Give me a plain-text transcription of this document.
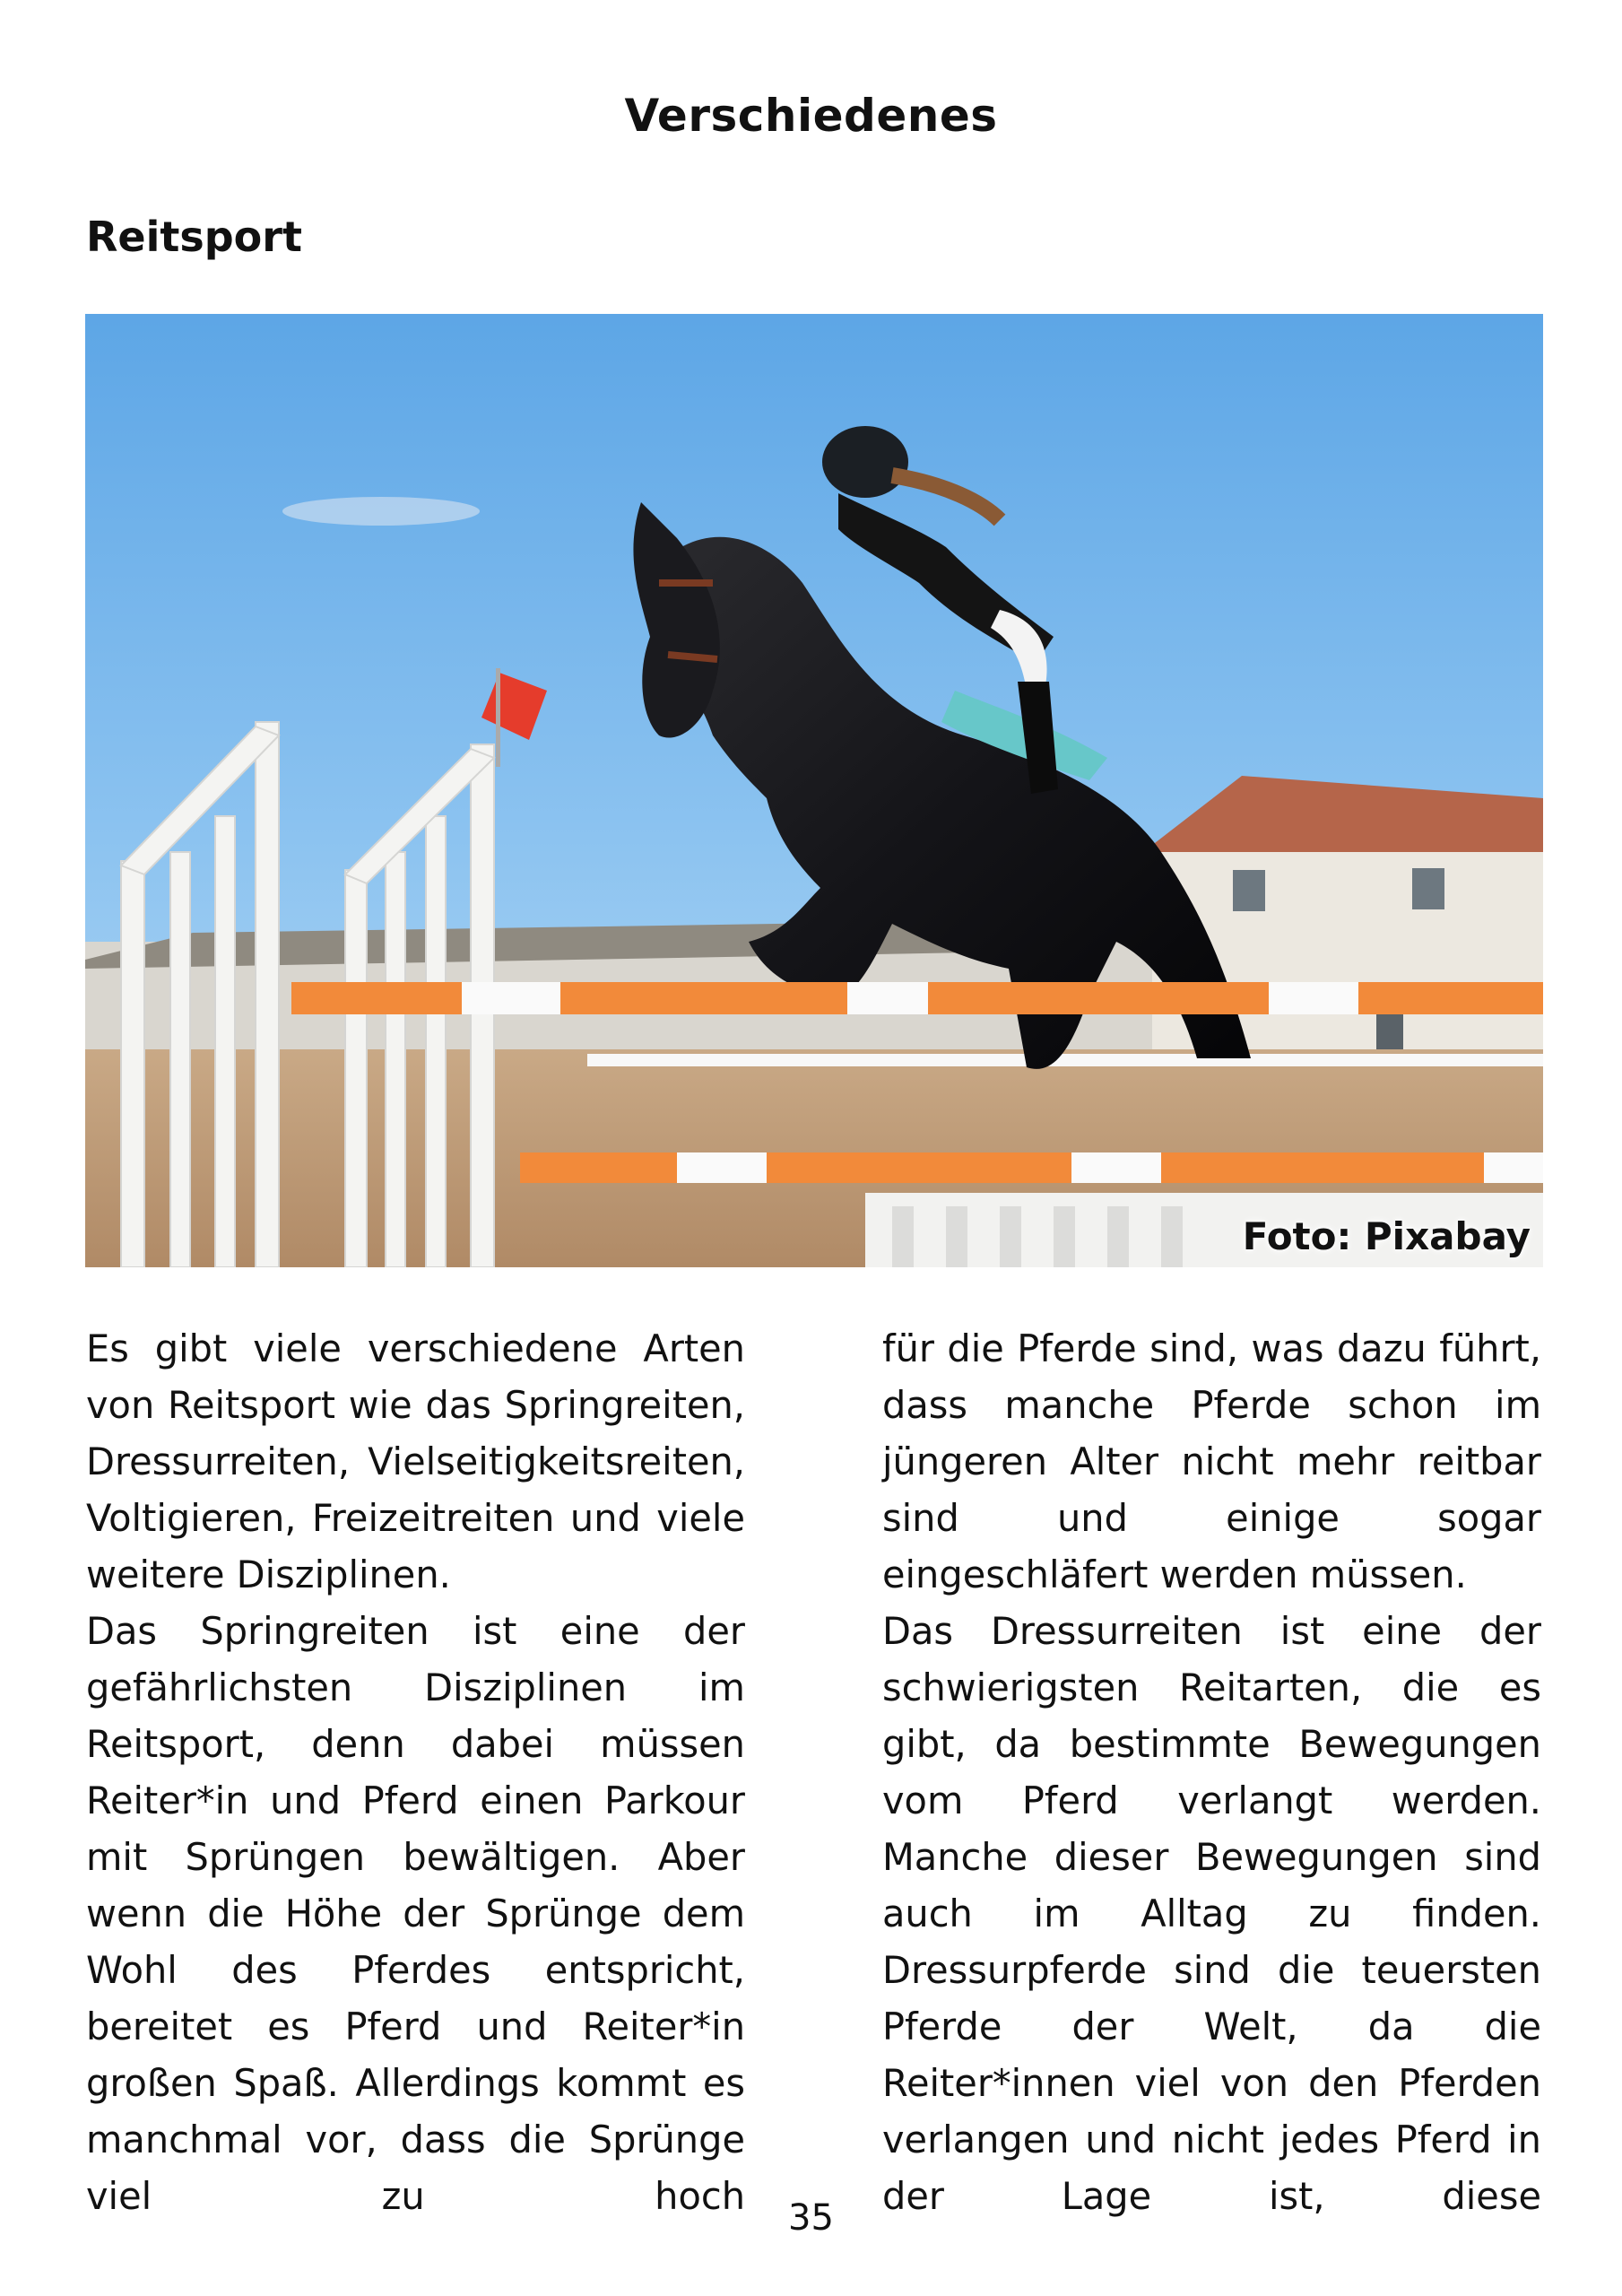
Verschiedenes
Reitsport
Foto: Pixabay

Es gibt viele verschiedene Arten von Reitsport wie das Springreiten, Dressurreiten, Vielseitigkeitsreiten, Voltigieren, Freizeitreiten und viele weitere Disziplinen.

Das Springreiten ist eine der gefährlichsten Disziplinen im Reitsport, denn dabei müssen Reiter*in und Pferd einen Parkour mit Sprüngen bewältigen. Aber wenn die Höhe der Sprünge dem Wohl des Pferdes entspricht, bereitet es Pferd und Reiter*in großen Spaß. Allerdings kommt es manchmal vor, dass die Sprünge viel zu hoch

für die Pferde sind, was dazu führt, dass manche Pferde schon im jüngeren Alter nicht mehr reitbar sind und einige sogar eingeschläfert werden müssen.

Das Dressurreiten ist eine der schwierigsten Reitarten, die es gibt, da bestimmte Bewegungen vom Pferd verlangt werden. Manche dieser Bewegungen sind auch im Alltag zu finden. Dressurpferde sind die teuersten Pferde der Welt, da die Reiter*innen viel von den Pferden verlangen und nicht jedes Pferd in der Lage ist, diese

35
